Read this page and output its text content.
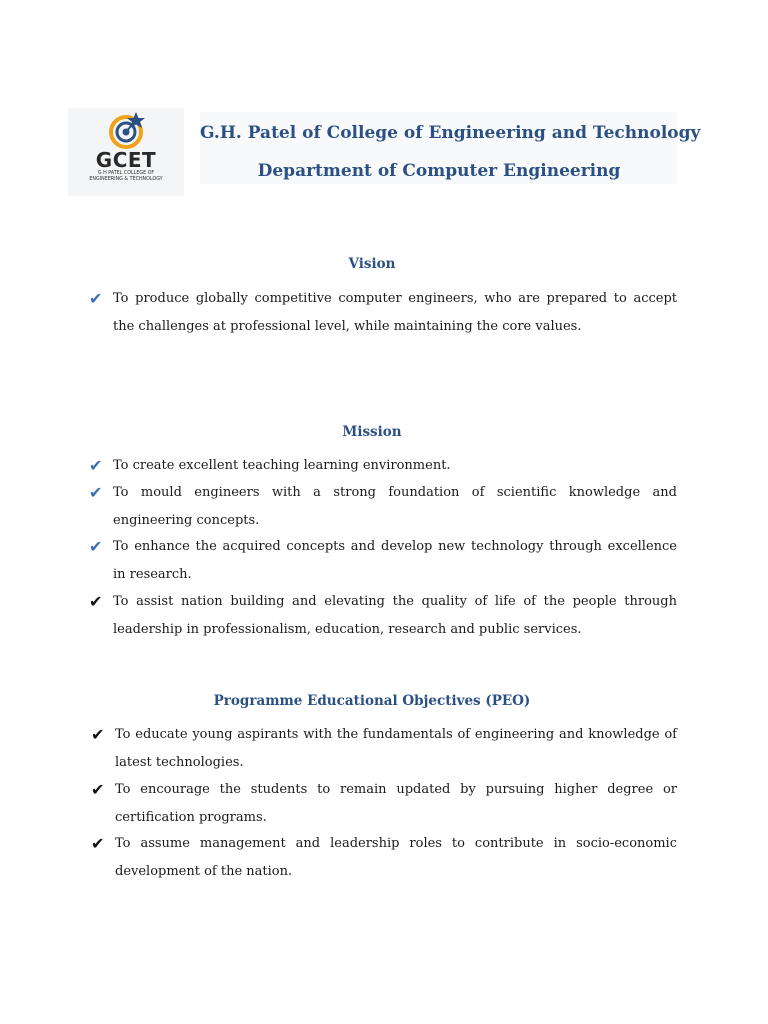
GCET
G H PATEL COLLEGE OF
ENGINEERING & TECHNOLOGY
G.H. Patel of College of Engineering and Technology
Department of Computer Engineering
Vision
✔ To produce globally competitive computer engineers, who are prepared to accept the challenges at professional level, while maintaining the core values.
Mission
✔ To create excellent teaching learning environment.
✔ To mould engineers with a strong foundation of scientific knowledge and engineering concepts.
✔ To enhance the acquired concepts and develop new technology through excellence in research.
✔ To assist nation building and elevating the quality of life of the people through leadership in professionalism, education, research and public services.
Programme Educational Objectives (PEO)
✔ To educate young aspirants with the fundamentals of engineering and knowledge of latest technologies.
✔ To encourage the students to remain updated by pursuing higher degree or certification programs.
✔ To assume management and leadership roles to contribute in socio-economic development of the nation.
